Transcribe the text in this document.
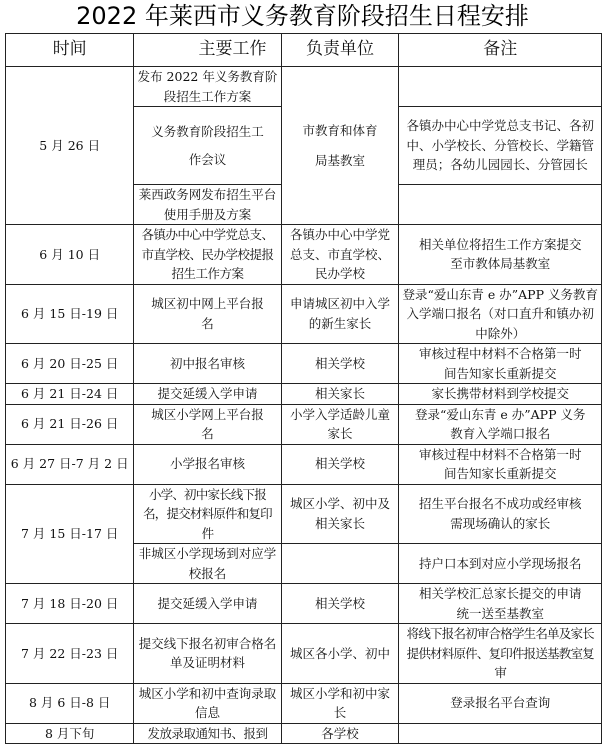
2022 年莱西市义务教育阶段招生日程安排
时间	主要工作	负责单位	备注
5 月 26 日	发布 2022 年义务教育阶段招生工作方案	市教育和体育局基教室	
	义务教育阶段招生工作会议		各镇办中心中学党总支书记、各初中、小学校长、分管校长、学籍管理员；各幼儿园园长、分管园长
	莱西政务网发布招生平台使用手册及方案		
6 月 10 日	各镇办中心中学党总支、市直学校、民办学校提报招生工作方案	各镇办中心中学党总支、市直学校、民办学校	相关单位将招生工作方案提交至市教体局基教室
6 月 15 日-19 日	城区初中网上平台报名	申请城区初中入学的新生家长	登录“爱山东青 e 办”APP 义务教育入学端口报名（对口直升和镇办初中除外）
6 月 20 日-25 日	初中报名审核	相关学校	审核过程中材料不合格第一时间告知家长重新提交
6 月 21 日-24 日	提交延缓入学申请	相关家长	家长携带材料到学校提交
6 月 21 日-26 日	城区小学网上平台报名	小学入学适龄儿童家长	登录“爱山东青 e 办”APP 义务教育入学端口报名
6 月 27 日-7 月 2 日	小学报名审核	相关学校	审核过程中材料不合格第一时间告知家长重新提交
7 月 15 日-17 日	小学、初中家长线下报名，提交材料原件和复印件	城区小学、初中及相关家长	招生平台报名不成功或经审核需现场确认的家长
	非城区小学现场到对应学校报名		持户口本到对应小学现场报名
7 月 18 日-20 日	提交延缓入学申请	相关学校	相关学校汇总家长提交的申请统一送至基教室
7 月 22 日-23 日	提交线下报名初审合格名单及证明材料	城区各小学、初中	将线下报名初审合格学生名单及家长提供材料原件、复印件报送基教室复审
8 月 6 日-8 日	城区小学和初中查询录取信息	城区小学和初中家长	登录报名平台查询
8 月下旬	发放录取通知书、报到	各学校	
